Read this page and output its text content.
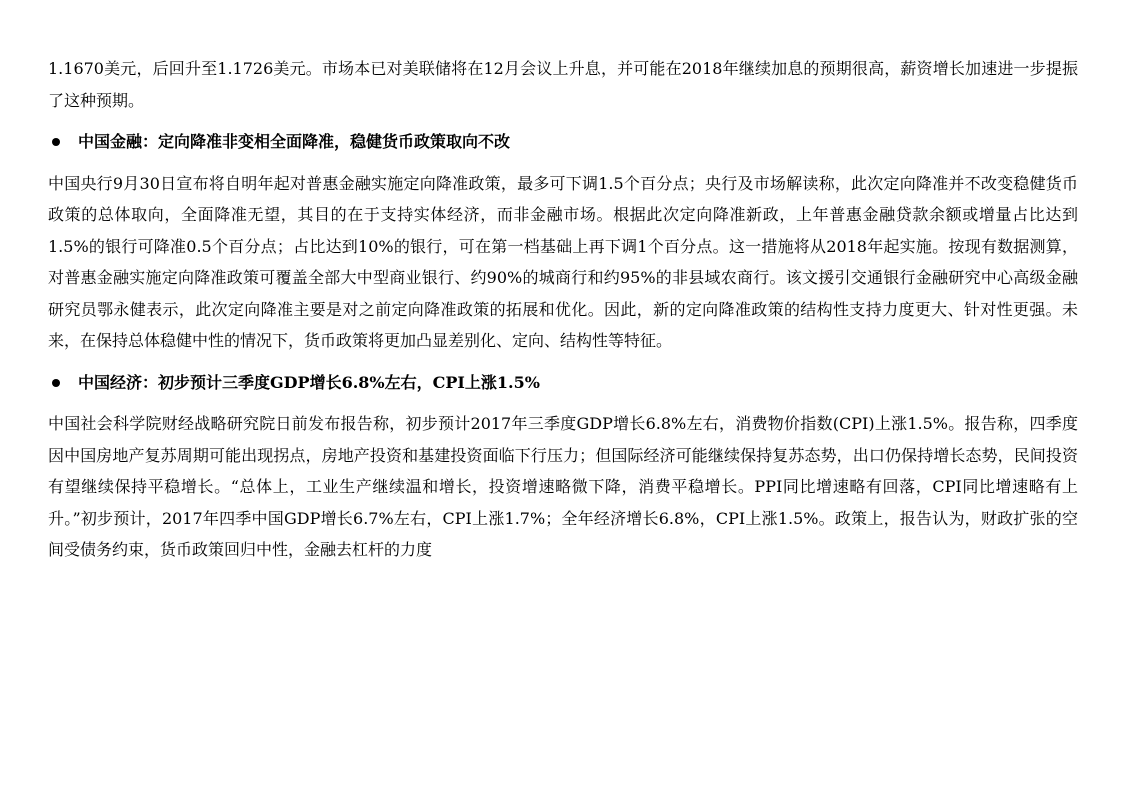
1.1670美元，后回升至1.1726美元。市场本已对美联储将在12月会议上升息，并可能在2018年继续加息的预期很高，薪资增长加速进一步提振了这种预期。

中国金融：定向降准非变相全面降准，稳健货币政策取向不改

中国央行9月30日宣布将自明年起对普惠金融实施定向降准政策，最多可下调1.5个百分点；央行及市场解读称，此次定向降准并不改变稳健货币政策的总体取向，全面降准无望，其目的在于支持实体经济，而非金融市场。根据此次定向降准新政，上年普惠金融贷款余额或增量占比达到1.5%的银行可降准0.5个百分点；占比达到10%的银行，可在第一档基础上再下调1个百分点。这一措施将从2018年起实施。按现有数据测算，对普惠金融实施定向降准政策可覆盖全部大中型商业银行、约90%的城商行和约95%的非县域农商行。该文援引交通银行金融研究中心高级金融研究员鄂永健表示，此次定向降准主要是对之前定向降准政策的拓展和优化。因此，新的定向降准政策的结构性支持力度更大、针对性更强。未来，在保持总体稳健中性的情况下，货币政策将更加凸显差别化、定向、结构性等特征。

中国经济：初步预计三季度GDP增长6.8%左右，CPI上涨1.5%

中国社会科学院财经战略研究院日前发布报告称，初步预计2017年三季度GDP增长6.8%左右，消费物价指数(CPI)上涨1.5%。报告称，四季度因中国房地产复苏周期可能出现拐点，房地产投资和基建投资面临下行压力；但国际经济可能继续保持复苏态势，出口仍保持增长态势，民间投资有望继续保持平稳增长。“总体上，工业生产继续温和增长，投资增速略微下降，消费平稳增长。PPI同比增速略有回落，CPI同比增速略有上升。”初步预计，2017年四季中国GDP增长6.7%左右，CPI上涨1.7%；全年经济增长6.8%，CPI上涨1.5%。政策上，报告认为，财政扩张的空间受债务约束，货币政策回归中性，金融去杠杆的力度
